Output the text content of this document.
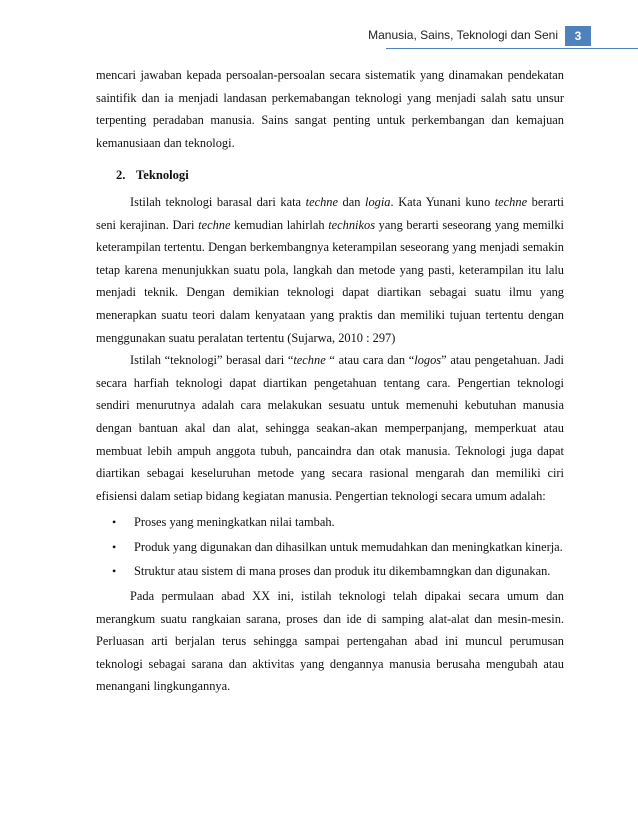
Manusia, Sains, Teknologi dan Seni	3

mencari jawaban kepada persoalan-persoalan secara sistematik yang dinamakan pendekatan saintifik dan ia menjadi landasan perkemabangan teknologi yang menjadi salah satu unsur terpenting peradaban manusia. Sains sangat penting untuk perkembangan dan kemajuan kemanusiaan dan teknologi.

2. Teknologi

Istilah teknologi barasal dari kata techne dan logia. Kata Yunani kuno techne berarti seni kerajinan. Dari techne kemudian lahirlah technikos yang berarti seseorang yang memilki keterampilan tertentu. Dengan berkembangnya keterampilan seseorang yang menjadi semakin tetap karena menunjukkan suatu pola, langkah dan metode yang pasti, keterampilan itu lalu menjadi teknik. Dengan demikian teknologi dapat diartikan sebagai suatu ilmu yang menerapkan suatu teori dalam kenyataan yang praktis dan memiliki tujuan tertentu dengan menggunakan suatu peralatan tertentu (Sujarwa, 2010 : 297)

Istilah “teknologi” berasal dari “techne “ atau cara dan “logos” atau pengetahuan. Jadi secara harfiah teknologi dapat diartikan pengetahuan tentang cara. Pengertian teknologi sendiri menurutnya adalah cara melakukan sesuatu untuk memenuhi kebutuhan manusia dengan bantuan akal dan alat, sehingga seakan-akan memperpanjang, memperkuat atau membuat lebih ampuh anggota tubuh, pancaindra dan otak manusia. Teknologi juga dapat diartikan sebagai keseluruhan metode yang secara rasional mengarah dan memiliki ciri efisiensi dalam setiap bidang kegiatan manusia. Pengertian teknologi secara umum adalah:

• Proses yang meningkatkan nilai tambah.
• Produk yang digunakan dan dihasilkan untuk memudahkan dan meningkatkan kinerja.
• Struktur atau sistem di mana proses dan produk itu dikembamngkan dan digunakan.

Pada permulaan abad XX ini, istilah teknologi telah dipakai secara umum dan merangkum suatu rangkaian sarana, proses dan ide di samping alat-alat dan mesin-mesin. Perluasan arti berjalan terus sehingga sampai pertengahan abad ini muncul perumusan teknologi sebagai sarana dan aktivitas yang dengannya manusia berusaha mengubah atau menangani lingkungannya.
